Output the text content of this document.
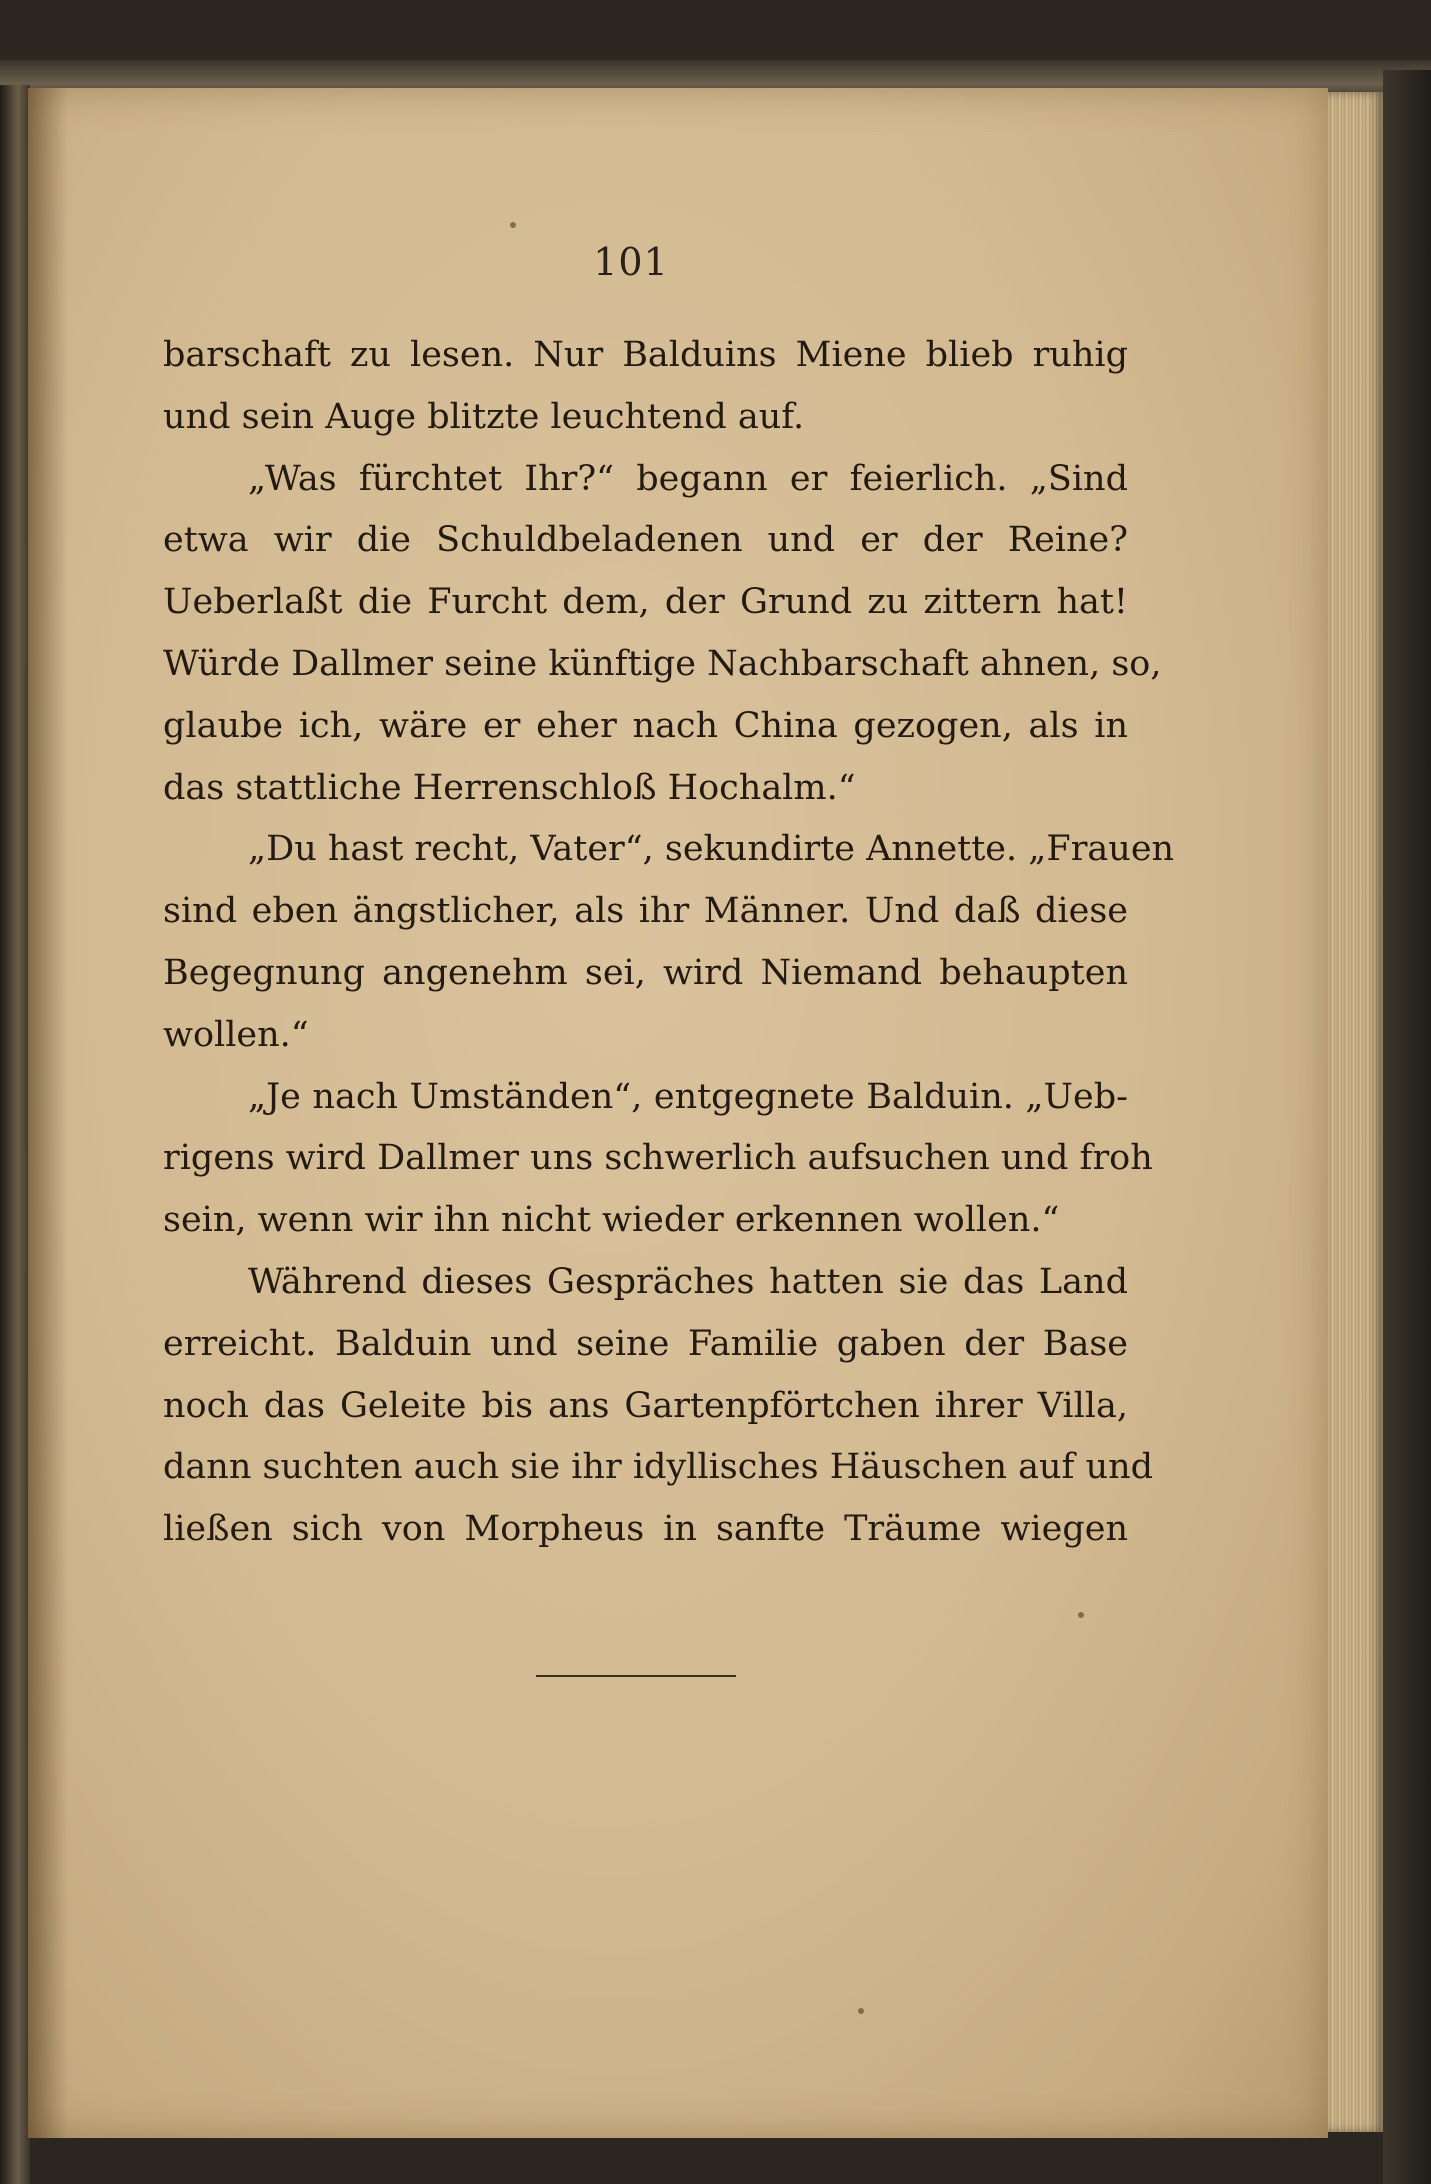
101
barschaft zu lesen. Nur Balduins Miene blieb ruhig
und sein Auge blitzte leuchtend auf.
„Was fürchtet Ihr?“ begann er feierlich. „Sind
etwa wir die Schuldbeladenen und er der Reine?
Ueberlaßt die Furcht dem, der Grund zu zittern hat!
Würde Dallmer seine künftige Nachbarschaft ahnen, so,
glaube ich, wäre er eher nach China gezogen, als in
das stattliche Herrenschloß Hochalm.“
„Du hast recht, Vater“, sekundirte Annette. „Frauen
sind eben ängstlicher, als ihr Männer. Und daß diese
Begegnung angenehm sei, wird Niemand behaupten
wollen.“
„Je nach Umständen“, entgegnete Balduin. „Ueb-
rigens wird Dallmer uns schwerlich aufsuchen und froh
sein, wenn wir ihn nicht wieder erkennen wollen.“
Während dieses Gespräches hatten sie das Land
erreicht. Balduin und seine Familie gaben der Base
noch das Geleite bis ans Gartenpförtchen ihrer Villa,
dann suchten auch sie ihr idyllisches Häuschen auf und
ließen sich von Morpheus in sanfte Träume wiegen
